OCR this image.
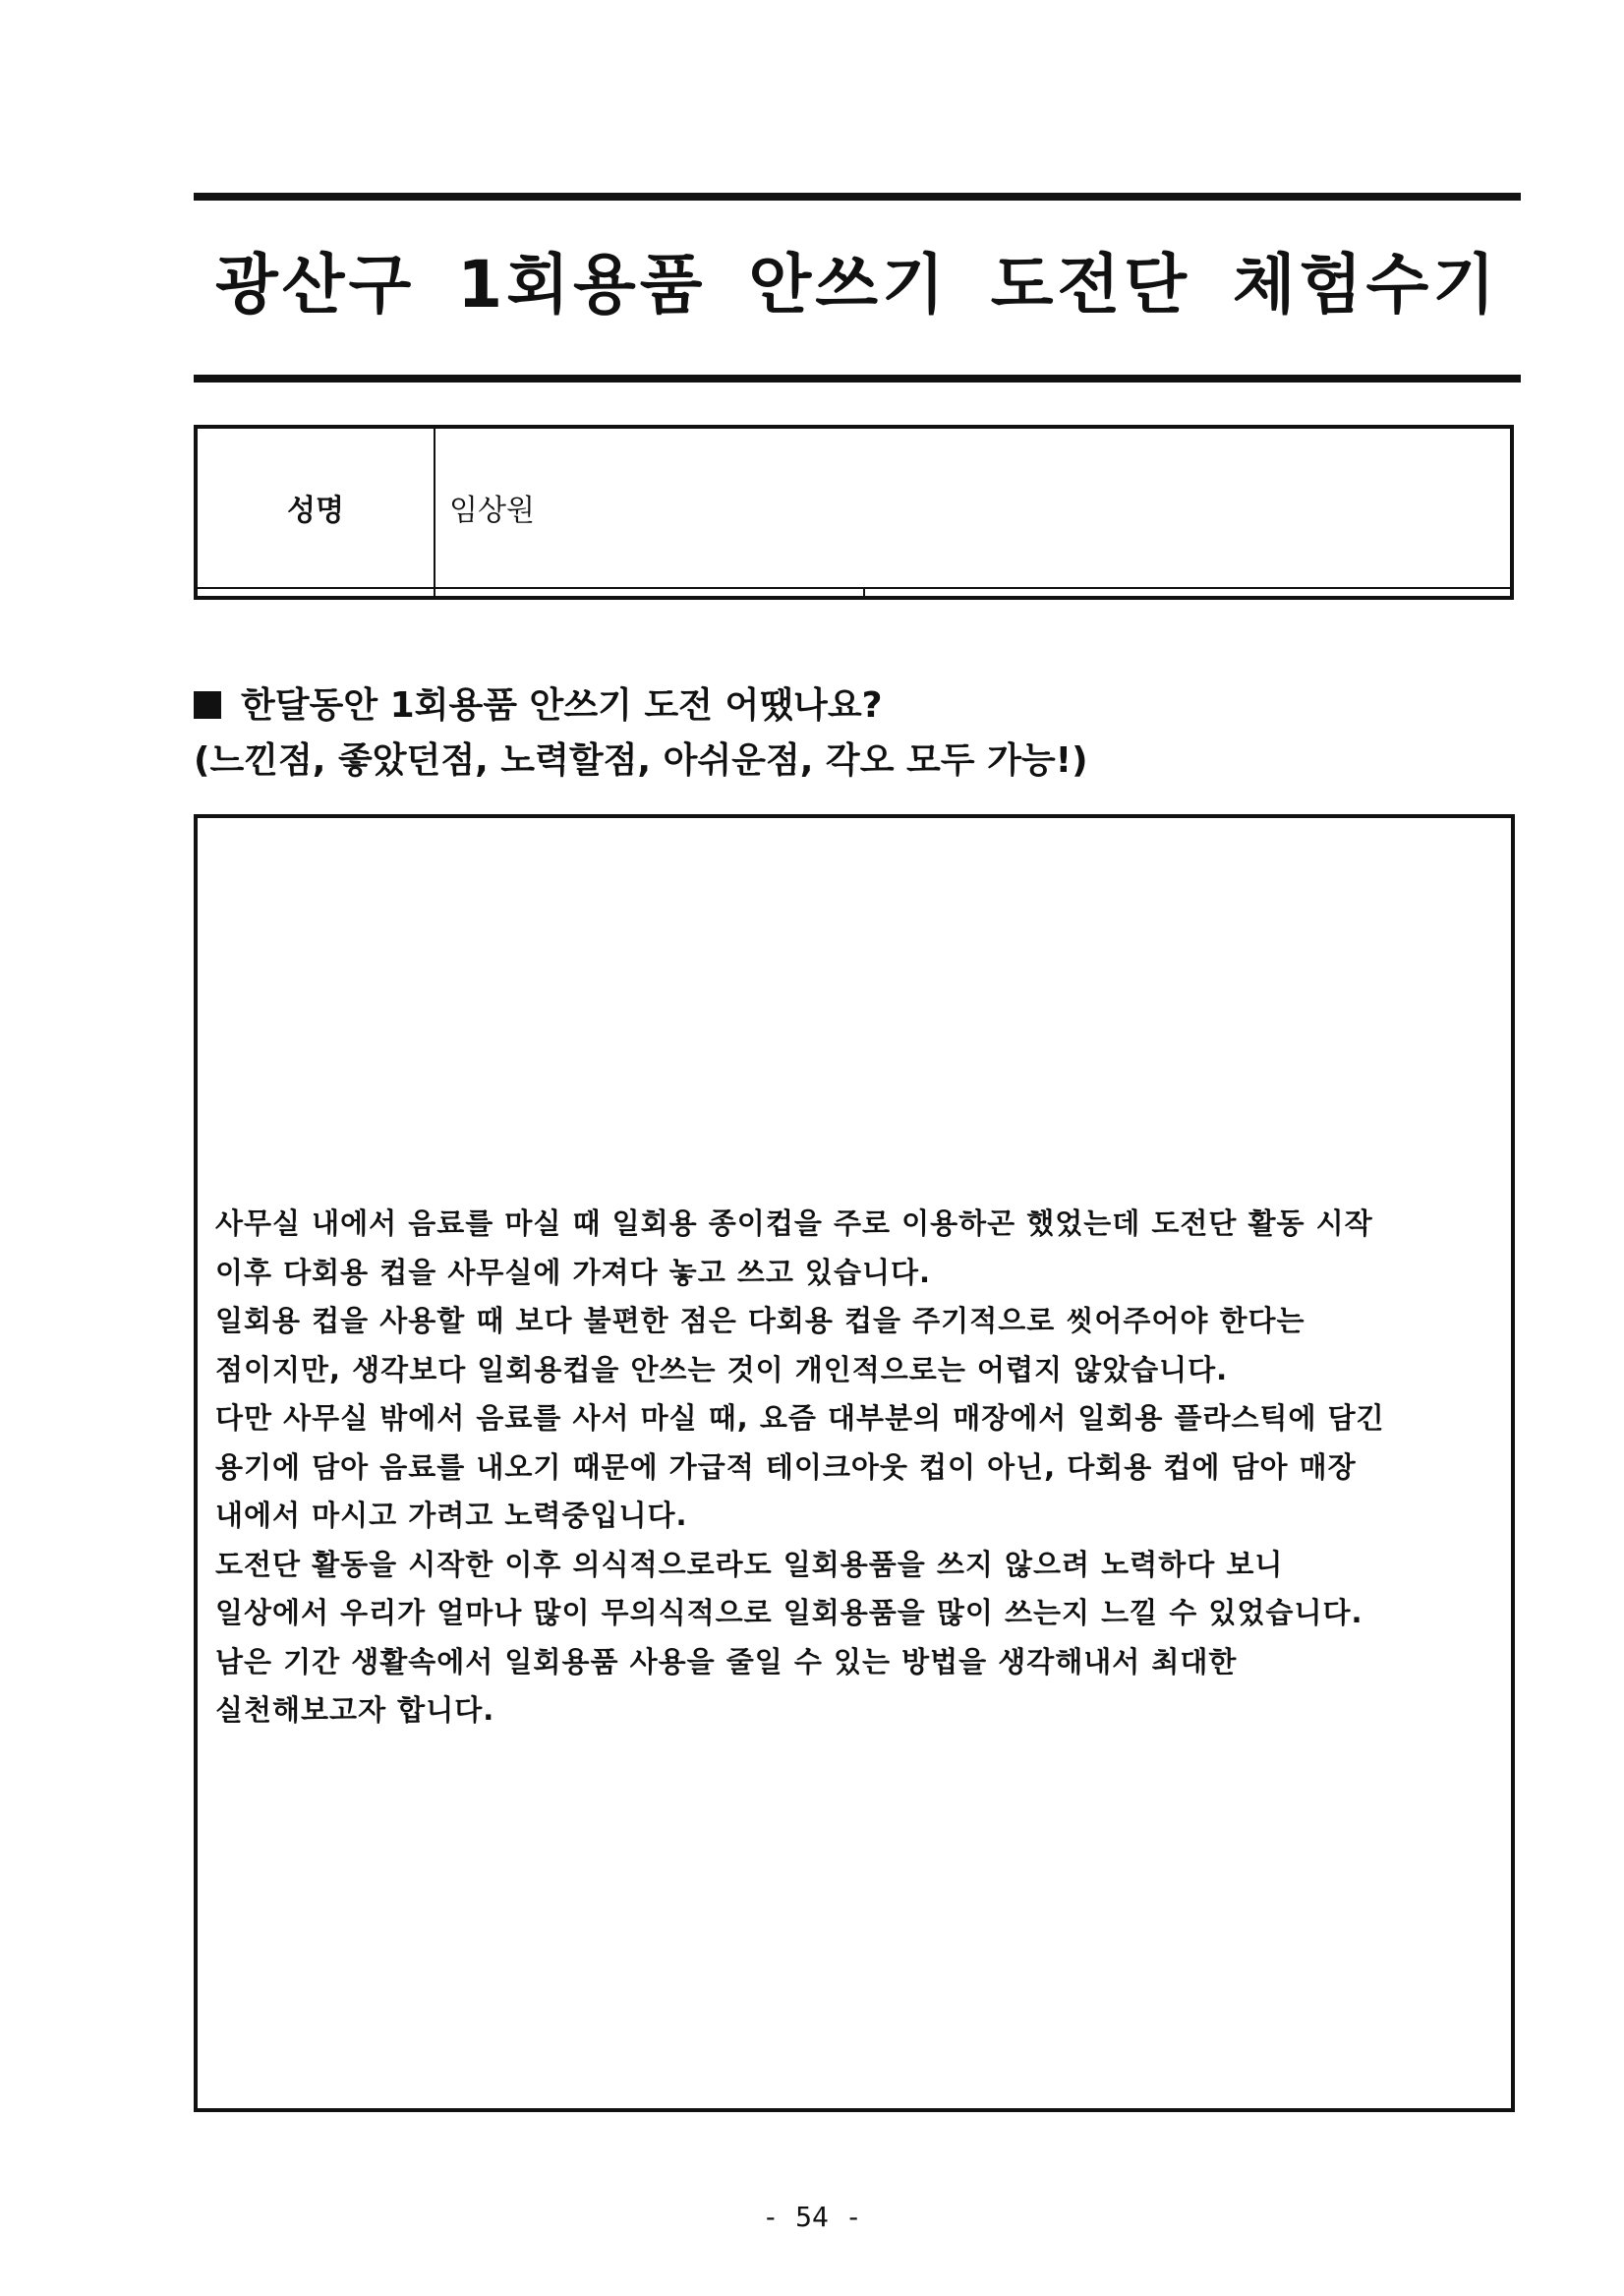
광산구 1회용품 안쓰기 도전단 체험수기
성명	임상원	

한달동안 1회용품 안쓰기 도전 어땠나요?
(느낀점, 좋았던점, 노력할점, 아쉬운점, 각오 모두 가능!)

사무실 내에서 음료를 마실 때 일회용 종이컵을 주로 이용하곤 했었는데 도전단 활동 시작

이후 다회용 컵을 사무실에 가져다 놓고 쓰고 있습니다.

일회용 컵을 사용할 때 보다 불편한 점은 다회용 컵을 주기적으로 씻어주어야 한다는

점이지만, 생각보다 일회용컵을 안쓰는 것이 개인적으로는 어렵지 않았습니다.

다만 사무실 밖에서 음료를 사서 마실 때, 요즘 대부분의 매장에서 일회용 플라스틱에 담긴

용기에 담아 음료를 내오기 때문에 가급적 테이크아웃 컵이 아닌, 다회용 컵에 담아 매장

내에서 마시고 가려고 노력중입니다.

도전단 활동을 시작한 이후 의식적으로라도 일회용품을 쓰지 않으려 노력하다 보니

일상에서 우리가 얼마나 많이 무의식적으로 일회용품을 많이 쓰는지 느낄 수 있었습니다.

남은 기간 생활속에서 일회용품 사용을 줄일 수 있는 방법을 생각해내서 최대한

실천해보고자 합니다.

- 54 -
